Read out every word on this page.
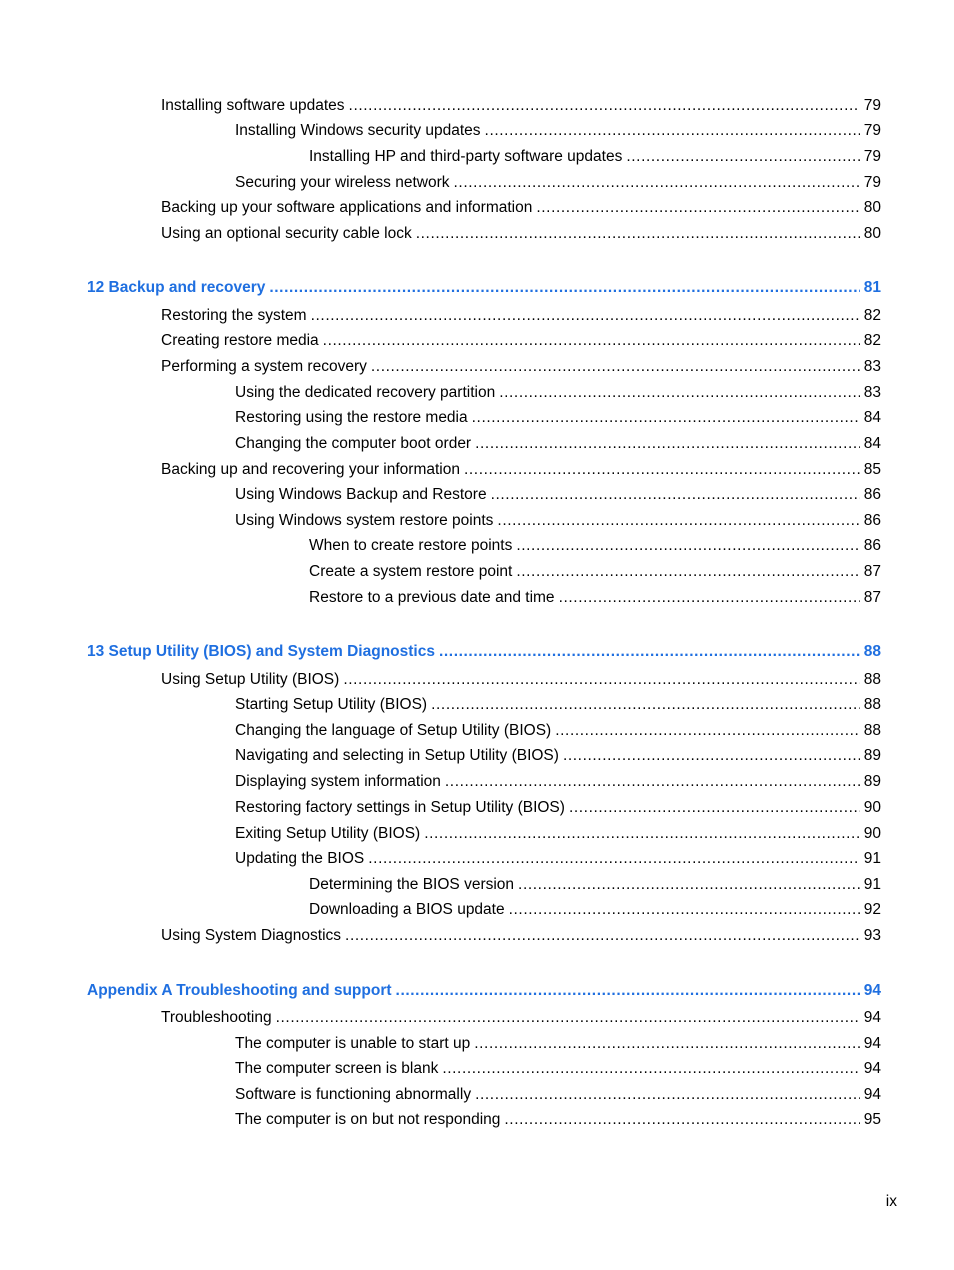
Installing software updates .....	79
Installing Windows security updates .....	79
Installing HP and third-party software updates .....	79
Securing your wireless network .....	79
Backing up your software applications and information .....	80
Using an optional security cable lock .....	80
12 Backup and recovery .....	81
Restoring the system .....	82
Creating restore media .....	82
Performing a system recovery .....	83
Using the dedicated recovery partition .....	83
Restoring using the restore media .....	84
Changing the computer boot order .....	84
Backing up and recovering your information .....	85
Using Windows Backup and Restore .....	86
Using Windows system restore points .....	86
When to create restore points .....	86
Create a system restore point .....	87
Restore to a previous date and time .....	87
13 Setup Utility (BIOS) and System Diagnostics .....	88
Using Setup Utility (BIOS) .....	88
Starting Setup Utility (BIOS) .....	88
Changing the language of Setup Utility (BIOS) .....	88
Navigating and selecting in Setup Utility (BIOS) .....	89
Displaying system information .....	89
Restoring factory settings in Setup Utility (BIOS) .....	90
Exiting Setup Utility (BIOS) .....	90
Updating the BIOS .....	91
Determining the BIOS version .....	91
Downloading a BIOS update .....	92
Using System Diagnostics .....	93
Appendix A Troubleshooting and support .....	94
Troubleshooting .....	94
The computer is unable to start up .....	94
The computer screen is blank .....	94
Software is functioning abnormally .....	94
The computer is on but not responding .....	95
ix
